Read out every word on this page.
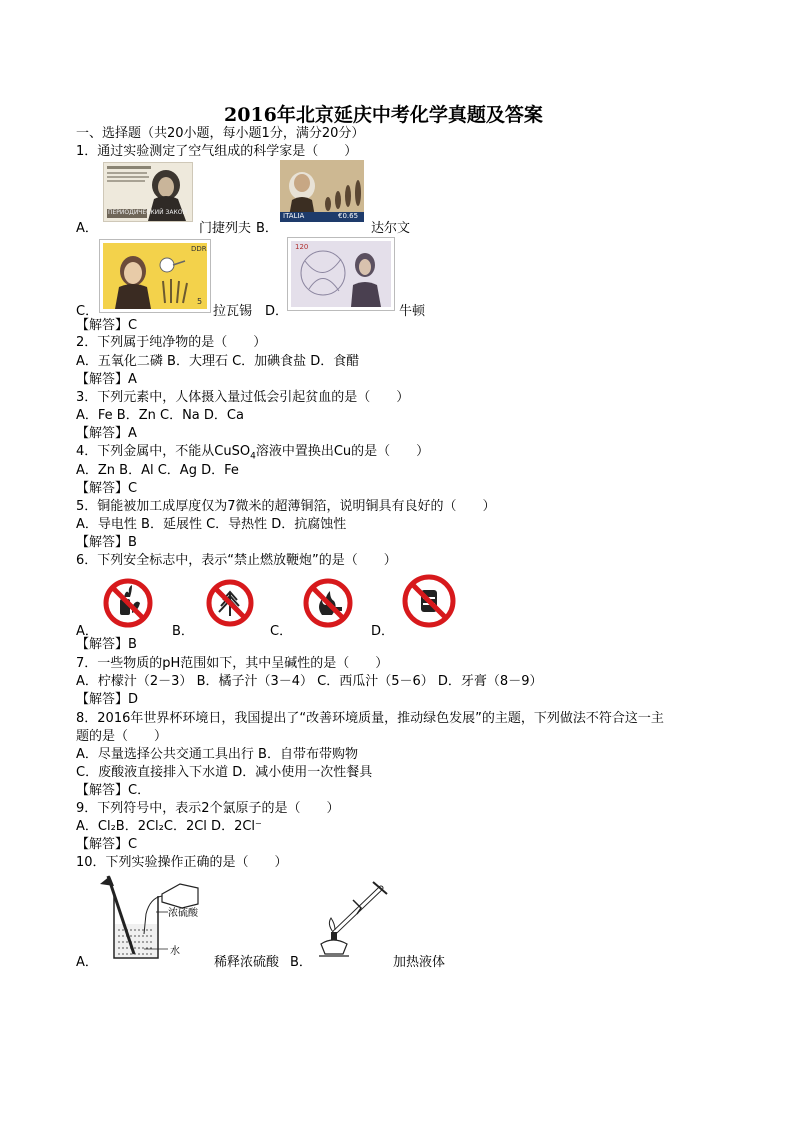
2016年北京延庆中考化学真题及答案
一、选择题（共20小题，每小题1分，满分20分）
1．通过实验测定了空气组成的科学家是（　　）
ПЕРИОДИЧЕСКИЙ ЗАКОН
A．	门捷列夫
ITALIA	€0.65
B．	达尔文
DDR
5
C．	拉瓦锡
120
D．	牛顿
【解答】C
2．下列属于纯净物的是（　　）
A．五氧化二磷 B．大理石 C．加碘食盐 D．食醋
【解答】A
3．下列元素中，人体摄入量过低会引起贫血的是（　　）
A．Fe B．Zn C．Na D．Ca
【解答】A
4．下列金属中，不能从CuSO$_4$溶液中置换出Cu的是（　　）
A．Zn B．Al C．Ag D．Fe
【解答】C
5．铜能被加工成厚度仅为7微米的超薄铜箔，说明铜具有良好的（　　）
A．导电性 B．延展性 C．导热性 D．抗腐蚀性
【解答】B
6．下列安全标志中，表示“禁止燃放鞭炮”的是（　　）
A．	B．	C．	D．
【解答】B
7．一些物质的pH范围如下，其中呈碱性的是（　　）
A．柠檬汁（2－3） B．橘子汁（3－4） C．西瓜汁（5－6） D．牙膏（8－9）
【解答】D
8．2016年世界杯环境日，我国提出了“改善环境质量，推动绿色发展”的主题，下列做法不符合这一主
题的是（　　）
A．尽量选择公共交通工具出行 B．自带布带购物
C．废酸液直接排入下水道 D．减小使用一次性餐具
【解答】C．
9．下列符号中，表示2个氯原子的是（　　）
A．Cl₂B．2Cl₂C．2Cl D．2Cl⁻
【解答】C
10．下列实验操作正确的是（　　）
浓硫酸
水
A．	稀释浓硫酸 B．	加热液体
